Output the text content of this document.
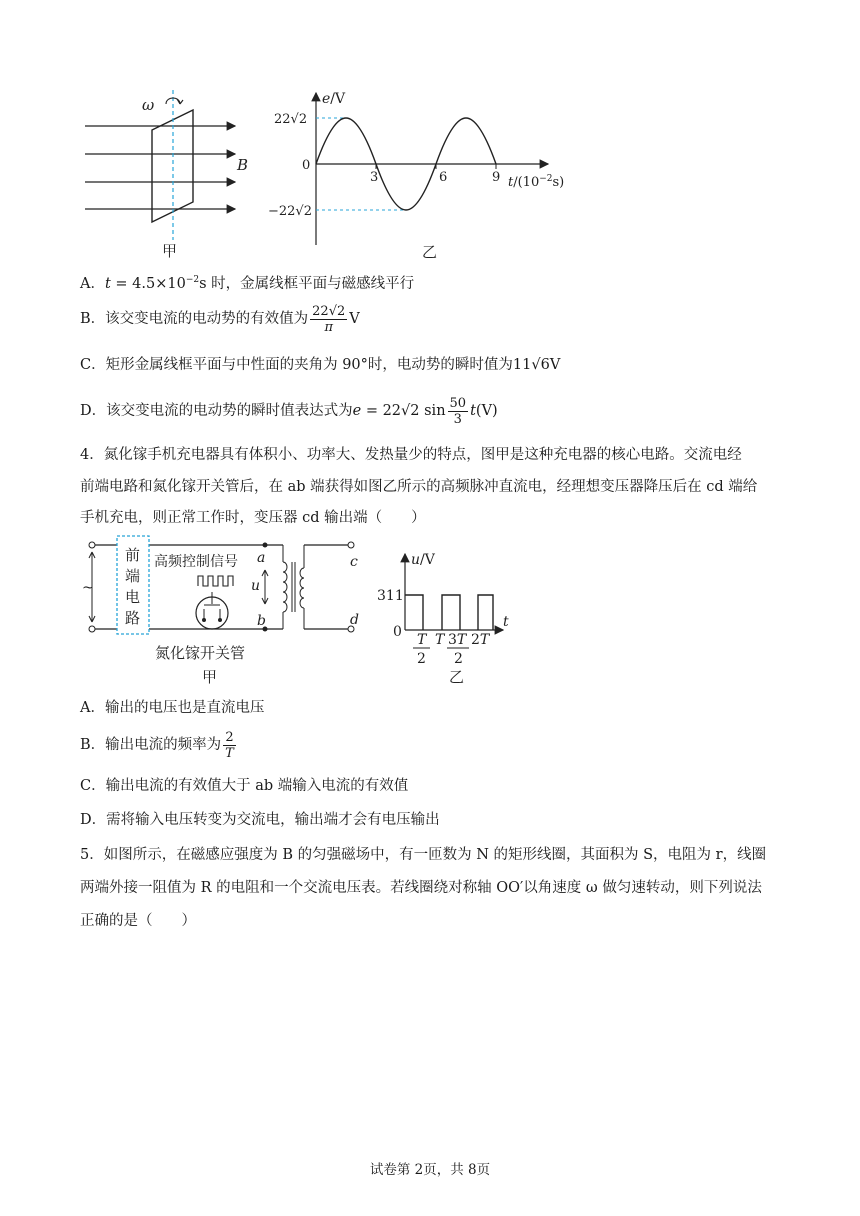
ω
B
甲
e/V
22√2
0
−22√2
3	6	9 $t/(10^{-2}s)$
乙
A．$t = 4.5\times 10^{-2}s$ 时，金属线框平面与磁感线平行
B．该交变电流的电动势的有效值为 $\frac{22√2}{\pi}$ V
C．矩形金属线框平面与中性面的夹角为 90°时，电动势的瞬时值为11√6V
D．该交变电流的电动势的瞬时值表达式为e = 22√2 $\sin \frac{50}{3} t(V)$
4．氮化镓手机充电器具有体积小、功率大、发热量少的特点，图甲是这种充电器的核心电路。交流电经
前端电路和氮化镓开关管后，在 ab 端获得如图乙所示的高频脉冲直流电，经理想变压器降压后在 cd 端给
手机充电，则正常工作时，变压器 cd 输出端（　　）
~
前
端
电
路
高频控制信号
氮化镓开关管
甲
a
b
u
c
d
u/V
311
0
t
T
2
T 3T
2
2T
乙
A．输出的电压也是直流电压
B．输出电流的频率为 $\frac{2}{T}$
C．输出电流的有效值大于 ab 端输入电流的有效值
D．需将输入电压转变为交流电，输出端才会有电压输出
5．如图所示，在磁感应强度为 B 的匀强磁场中，有一匝数为 N 的矩形线圈，其面积为 S，电阻为 r，线圈
两端外接一阻值为 R 的电阻和一个交流电压表。若线圈绕对称轴 OO′以角速度 ω 做匀速转动，则下列说法
正确的是（　　）
试卷第 2页，共 8页
